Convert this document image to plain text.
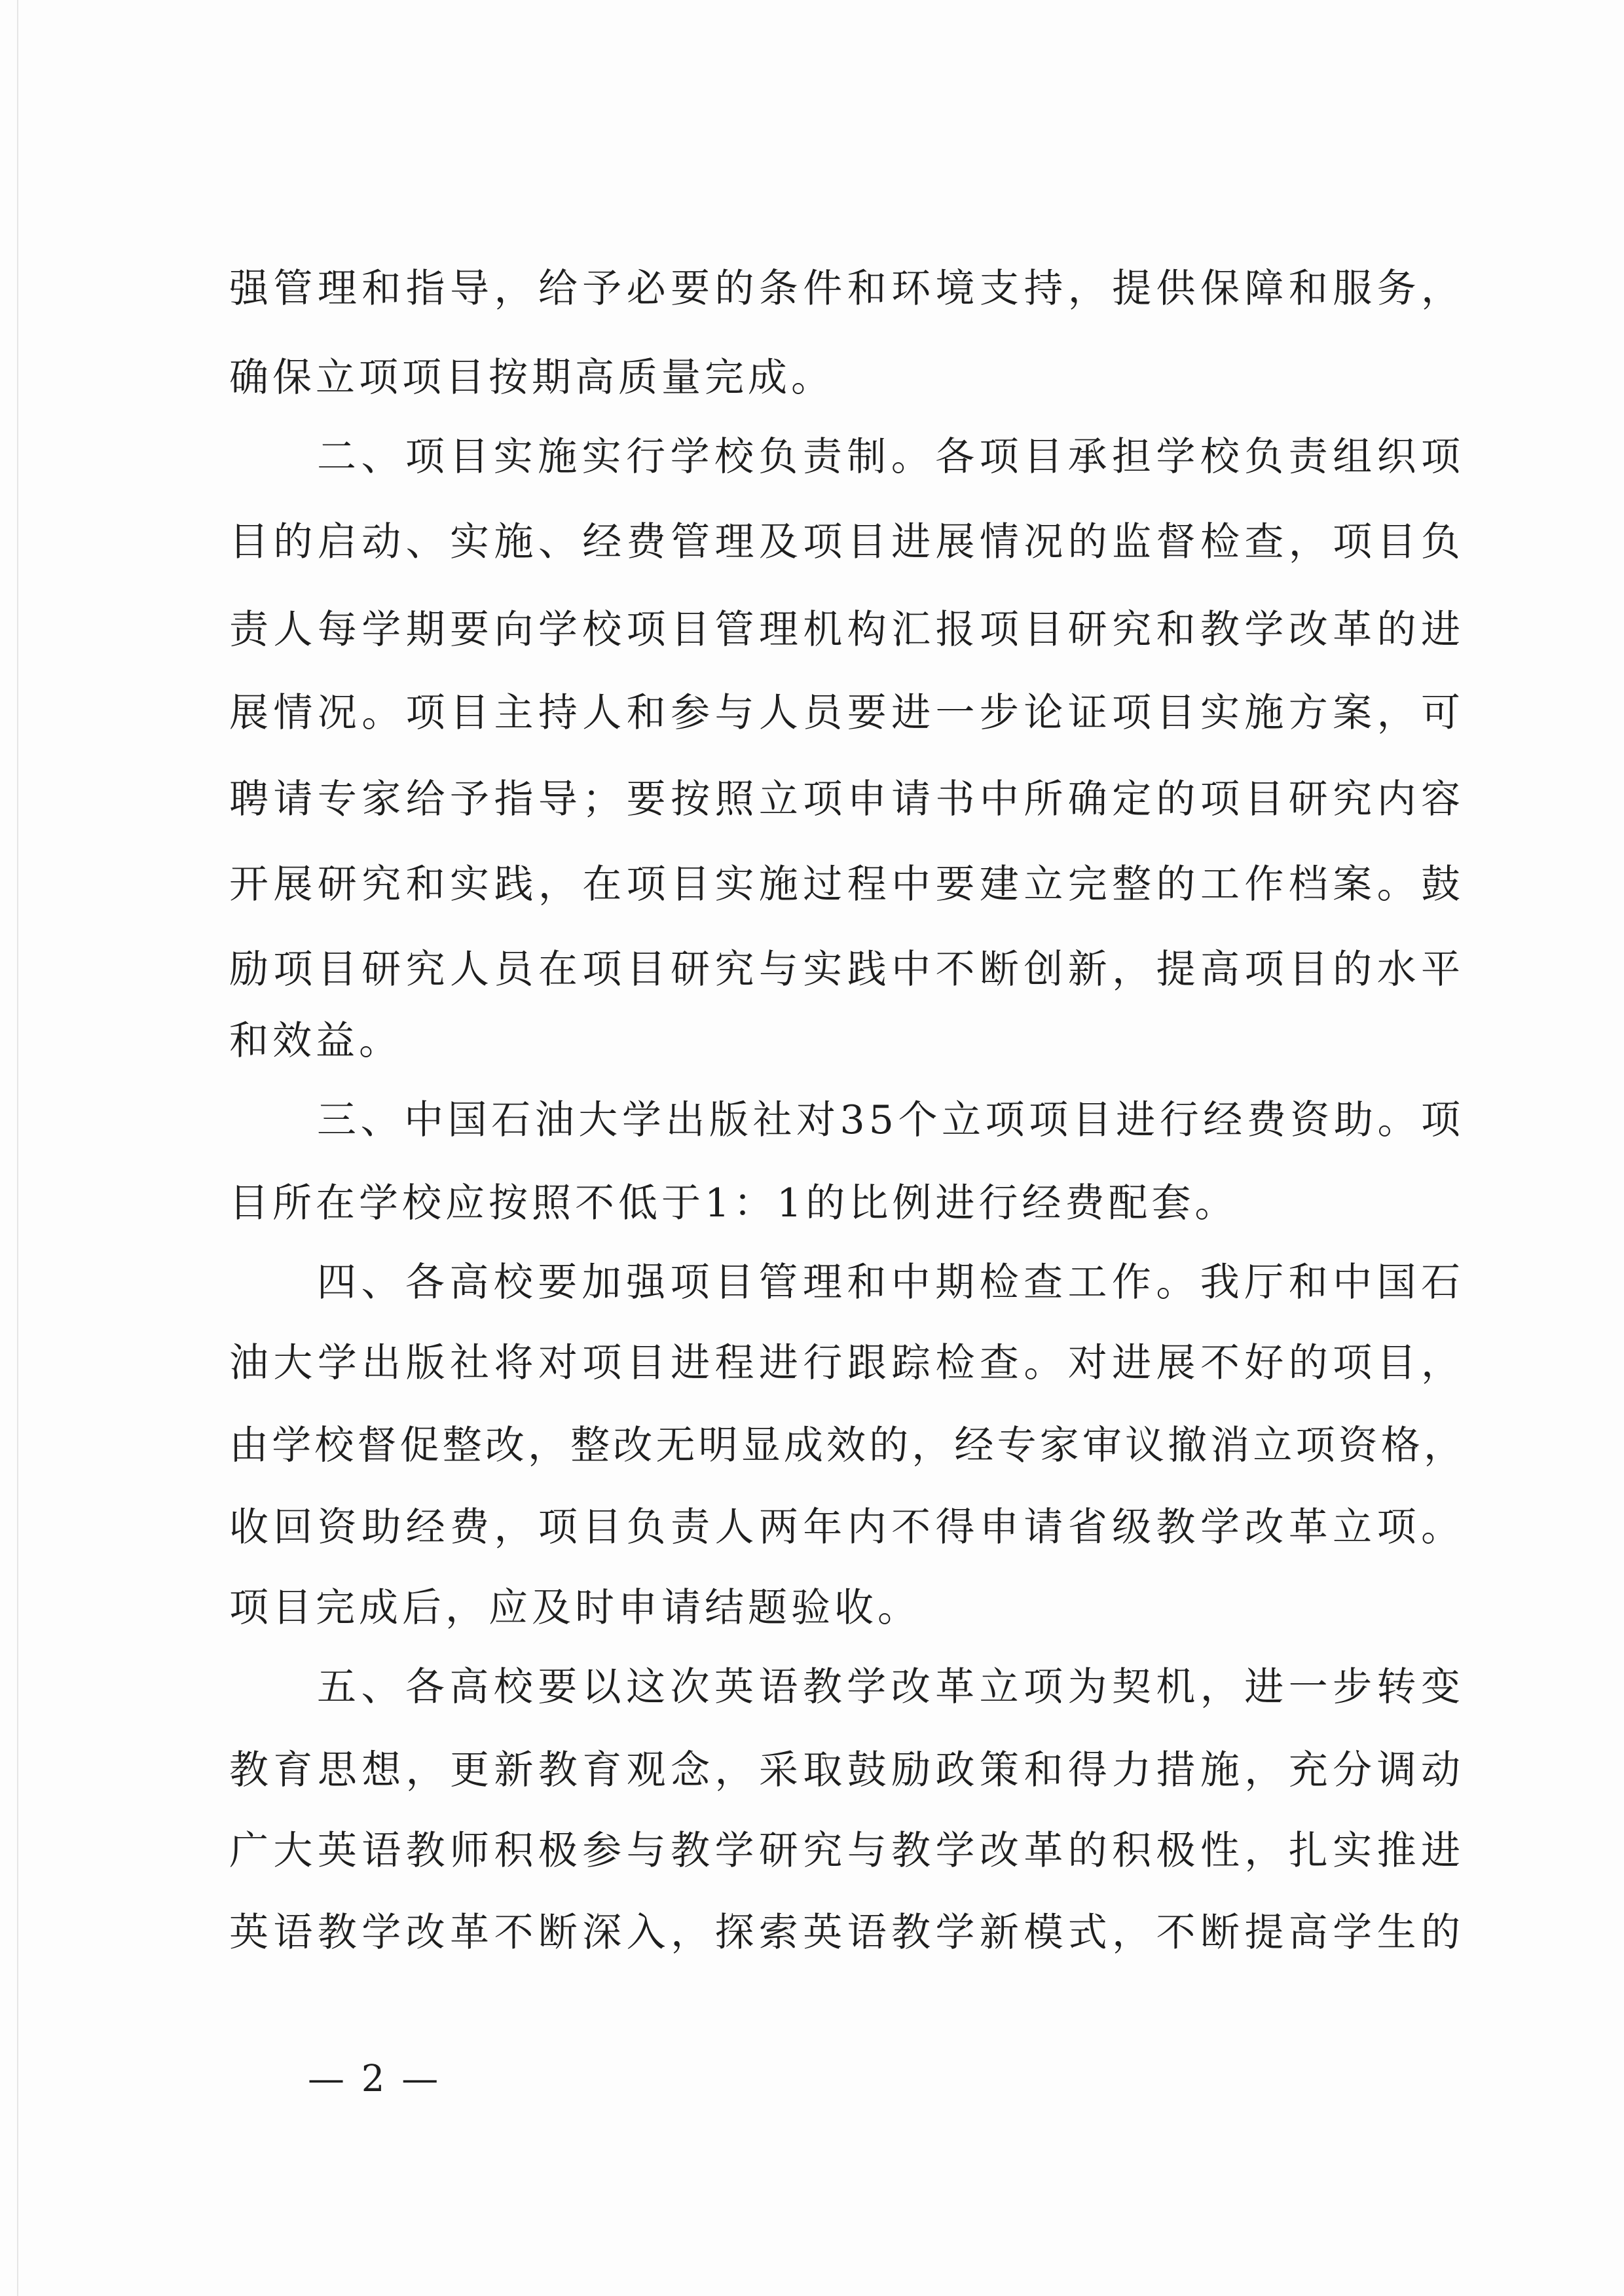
强管理和指导，给予必要的条件和环境支持，提供保障和服务，
确保立项项目按期高质量完成。
二、项目实施实行学校负责制。各项目承担学校负责组织项
目的启动、实施、经费管理及项目进展情况的监督检查，项目负
责人每学期要向学校项目管理机构汇报项目研究和教学改革的进
展情况。项目主持人和参与人员要进一步论证项目实施方案，可
聘请专家给予指导；要按照立项申请书中所确定的项目研究内容
开展研究和实践，在项目实施过程中要建立完整的工作档案。鼓
励项目研究人员在项目研究与实践中不断创新，提高项目的水平
和效益。
三、中国石油大学出版社对35个立项项目进行经费资助。项
目所在学校应按照不低于1：1的比例进行经费配套。
四、各高校要加强项目管理和中期检查工作。我厅和中国石
油大学出版社将对项目进程进行跟踪检查。对进展不好的项目，
由学校督促整改，整改无明显成效的，经专家审议撤消立项资格，
收回资助经费，项目负责人两年内不得申请省级教学改革立项。
项目完成后，应及时申请结题验收。
五、各高校要以这次英语教学改革立项为契机，进一步转变
教育思想，更新教育观念，采取鼓励政策和得力措施，充分调动
广大英语教师积极参与教学研究与教学改革的积极性，扎实推进
英语教学改革不断深入，探索英语教学新模式，不断提高学生的
— 2 —
